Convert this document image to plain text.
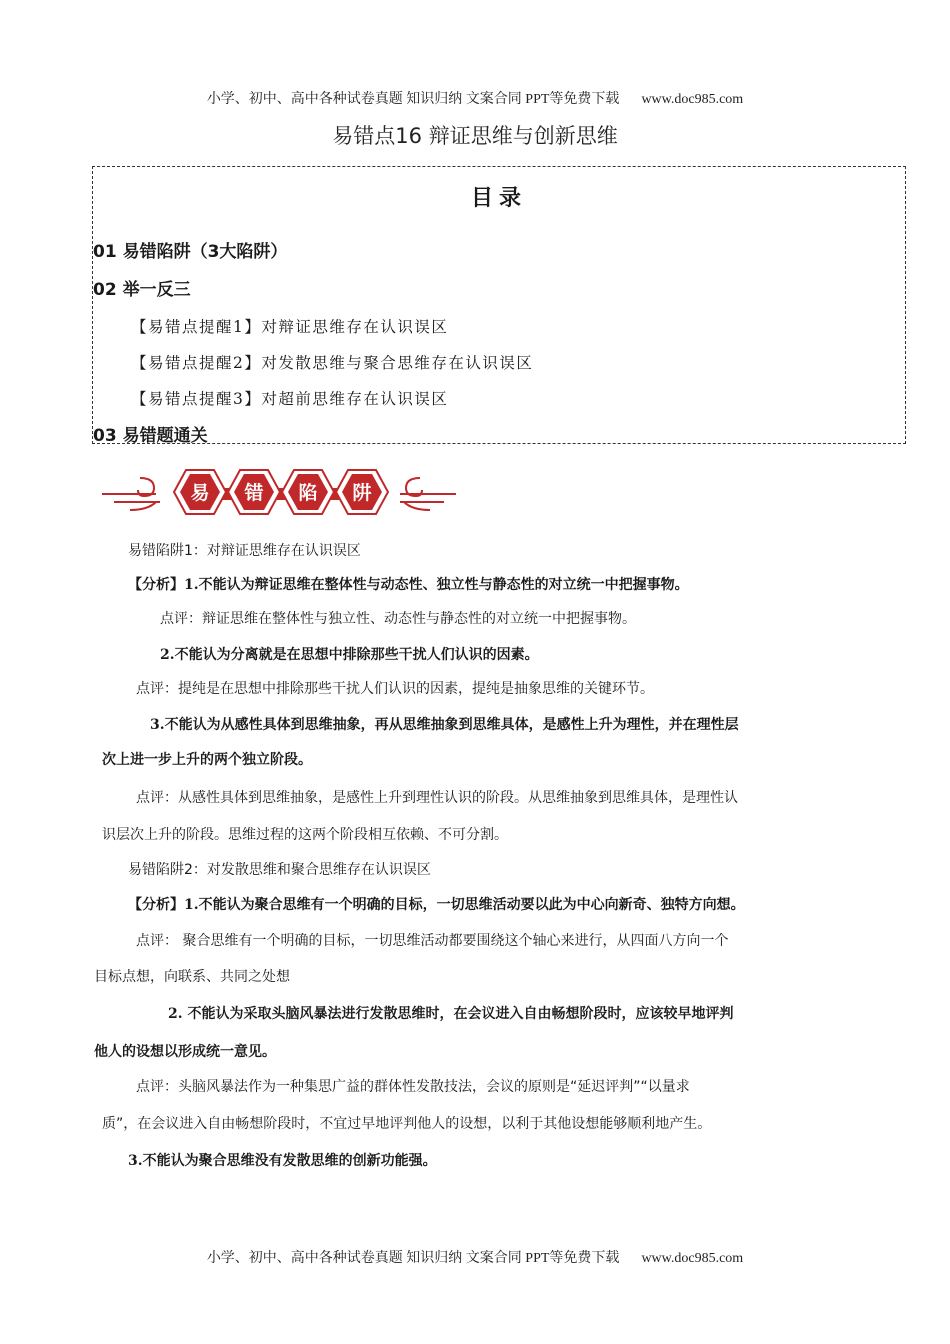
小学、初中、高中各种试卷真题 知识归纳 文案合同 PPT等免费下载 www.doc985.com
易错点16 辩证思维与创新思维
目录
01 易错陷阱（3大陷阱）
02 举一反三
【易错点提醒1】对辩证思维存在认识误区
【易错点提醒2】对发散思维与聚合思维存在认识误区
【易错点提醒3】对超前思维存在认识误区
03 易错题通关
易 错 陷 阱
易错陷阱1：对辩证思维存在认识误区
【分析】1.不能认为辩证思维在整体性与动态性、独立性与静态性的对立统一中把握事物。
点评：辩证思维在整体性与独立性、动态性与静态性的对立统一中把握事物。
2.不能认为分离就是在思想中排除那些干扰人们认识的因素。
点评：提纯是在思想中排除那些干扰人们认识的因素，提纯是抽象思维的关键环节。
3.不能认为从感性具体到思维抽象，再从思维抽象到思维具体，是感性上升为理性，并在理性层
次上进一步上升的两个独立阶段。
点评：从感性具体到思维抽象，是感性上升到理性认识的阶段。从思维抽象到思维具体，是理性认
识层次上升的阶段。思维过程的这两个阶段相互依赖、不可分割。
易错陷阱2：对发散思维和聚合思维存在认识误区
【分析】1.不能认为聚合思维有一个明确的目标，一切思维活动要以此为中心向新奇、独特方向想。
点评： 聚合思维有一个明确的目标，一切思维活动都要围绕这个轴心来进行，从四面八方向一个
目标点想，向联系、共同之处想
2. 不能认为采取头脑风暴法进行发散思维时，在会议进入自由畅想阶段时，应该较早地评判
他人的设想以形成统一意见。
点评：头脑风暴法作为一种集思广益的群体性发散技法，会议的原则是“延迟评判”“以量求
质”，在会议进入自由畅想阶段时，不宜过早地评判他人的设想，以利于其他设想能够顺利地产生。
3.不能认为聚合思维没有发散思维的创新功能强。
小学、初中、高中各种试卷真题 知识归纳 文案合同 PPT等免费下载 www.doc985.com
